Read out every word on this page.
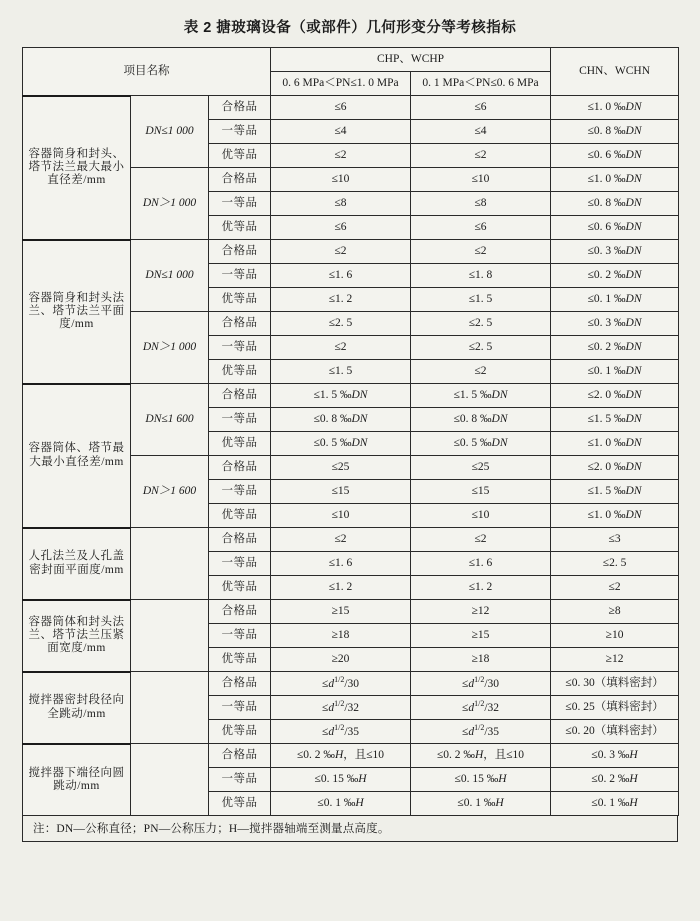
表 2 搪玻璃设备（或部件）几何形变分等考核指标
项目名称			CHP、WCHP		CHN、WCHN
			0. 6 MPa＜PN≤1. 0 MPa	0. 1 MPa＜PN≤0. 6 MPa	
容器筒身和封头、塔节法兰最大最小直径差/mm	DN≤1 000	合格品	≤6	≤6	≤1. 0 ‰DN
		一等品	≤4	≤4	≤0. 8 ‰DN
		优等品	≤2	≤2	≤0. 6 ‰DN
	DN＞1 000	合格品	≤10	≤10	≤1. 0 ‰DN
		一等品	≤8	≤8	≤0. 8 ‰DN
		优等品	≤6	≤6	≤0. 6 ‰DN
容器筒身和封头法兰、塔节法兰平面度/mm	DN≤1 000	合格品	≤2	≤2	≤0. 3 ‰DN
		一等品	≤1. 6	≤1. 8	≤0. 2 ‰DN
		优等品	≤1. 2	≤1. 5	≤0. 1 ‰DN
	DN＞1 000	合格品	≤2. 5	≤2. 5	≤0. 3 ‰DN
		一等品	≤2	≤2. 5	≤0. 2 ‰DN
		优等品	≤1. 5	≤2	≤0. 1 ‰DN
容器筒体、塔节最大最小直径差/mm	DN≤1 600	合格品	≤1. 5 ‰DN	≤1. 5 ‰DN	≤2. 0 ‰DN
		一等品	≤0. 8 ‰DN	≤0. 8 ‰DN	≤1. 5 ‰DN
		优等品	≤0. 5 ‰DN	≤0. 5 ‰DN	≤1. 0 ‰DN
	DN＞1 600	合格品	≤25	≤25	≤2. 0 ‰DN
		一等品	≤15	≤15	≤1. 5 ‰DN
		优等品	≤10	≤10	≤1. 0 ‰DN
人孔法兰及人孔盖密封面平面度/mm		合格品	≤2	≤2	≤3
		一等品	≤1. 6	≤1. 6	≤2. 5
		优等品	≤1. 2	≤1. 2	≤2
容器筒体和封头法兰、塔节法兰压紧面宽度/mm		合格品	≥15	≥12	≥8
		一等品	≥18	≥15	≥10
		优等品	≥20	≥18	≥12
搅拌器密封段径向全跳动/mm		合格品	$\le d^{1/2}/30$	$\le d^{1/2}/30$	≤0. 30（填料密封）
		一等品	$\le d^{1/2}/32$	$\le d^{1/2}/32$	≤0. 25（填料密封）
		优等品	$\le d^{1/2}/35$	$\le d^{1/2}/35$	≤0. 20（填料密封）
搅拌器下端径向圆跳动/mm		合格品	≤0. 2 ‰H，且≤10	≤0. 2 ‰H，且≤10	≤0. 3 ‰H
		一等品	≤0. 15 ‰H	≤0. 15 ‰H	≤0. 2 ‰H
		优等品	≤0. 1 ‰H	≤0. 1 ‰H	≤0. 1 ‰H
注：DN—公称直径；PN—公称压力；H—搅拌器轴端至测量点高度。
